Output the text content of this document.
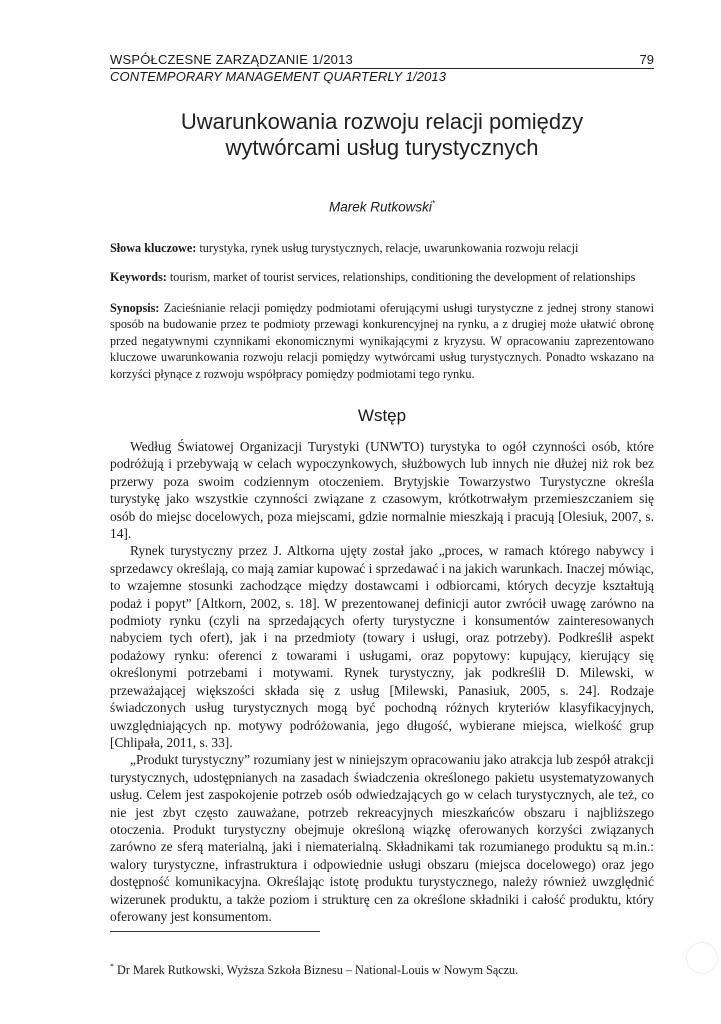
WSPÓŁCZESNE ZARZĄDZANIE 1/2013	79
CONTEMPORARY MANAGEMENT QUARTERLY 1/2013
Uwarunkowania rozwoju relacji pomiędzy
wytwórcami usług turystycznych
Marek Rutkowski*
Słowa kluczowe: turystyka, rynek usług turystycznych, relacje, uwarunkowania rozwoju relacji
Keywords: tourism, market of tourist services, relationships, conditioning the development of relationships
Synopsis: Zacieśnianie relacji pomiędzy podmiotami oferującymi usługi turystyczne z jednej strony stanowi sposób na budowanie przez te podmioty przewagi konkurencyjnej na rynku, a z drugiej może ułatwić obronę przed negatywnymi czynnikami ekonomicznymi wynikającymi z kryzysu. W opracowaniu zaprezentowano kluczowe uwarunkowania rozwoju relacji pomiędzy wytwórcami usług turystycznych. Ponadto wskazano na korzyści płynące z rozwoju współpracy pomiędzy podmiotami tego rynku.
Wstęp

Według Światowej Organizacji Turystyki (UNWTO) turystyka to ogół czynności osób, które podróżują i przebywają w celach wypoczynkowych, służbowych lub innych nie dłużej niż rok bez przerwy poza swoim codziennym otoczeniem. Brytyjskie Towarzystwo Turystyczne określa turystykę jako wszystkie czynności związane z czasowym, krótkotrwałym przemieszczaniem się osób do miejsc docelowych, poza miejscami, gdzie normalnie mieszkają i pracują [Olesiuk, 2007, s. 14].

Rynek turystyczny przez J. Altkorna ujęty został jako „proces, w ramach którego nabywcy i sprzedawcy określają, co mają zamiar kupować i sprzedawać i na jakich warunkach. Inaczej mówiąc, to wzajemne stosunki zachodzące między dostawcami i odbiorcami, których decyzje kształtują podaż i popyt” [Altkorn, 2002, s. 18]. W prezentowanej definicji autor zwrócił uwagę zarówno na podmioty rynku (czyli na sprzedających oferty turystyczne i konsumentów zainteresowanych nabyciem tych ofert), jak i na przedmioty (towary i usługi, oraz potrzeby). Podkreślił aspekt podażowy rynku: oferenci z towarami i usługami, oraz popytowy: kupujący, kierujący się określonymi potrzebami i motywami. Rynek turystyczny, jak podkreślił D. Milewski, w przeważającej większości składa się z usług [Milewski, Panasiuk, 2005, s. 24]. Rodzaje świadczonych usług turystycznych mogą być pochodną różnych kryteriów klasyfikacyjnych, uwzględniających np. motywy podróżowania, jego długość, wybierane miejsca, wielkość grup [Chlipała, 2011, s. 33].

„Produkt turystyczny” rozumiany jest w niniejszym opracowaniu jako atrakcja lub zespół atrakcji turystycznych, udostępnianych na zasadach świadczenia określonego pakietu usystematyzowanych usług. Celem jest zaspokojenie potrzeb osób odwiedzających go w celach turystycznych, ale też, co nie jest zbyt często zauważane, potrzeb rekreacyjnych mieszkańców obszaru i najbliższego otoczenia. Produkt turystyczny obejmuje określoną wiązkę oferowanych korzyści związanych zarówno ze sferą materialną, jaki i niematerialną. Składnikami tak rozumianego produktu są m.in.: walory turystyczne, infrastruktura i odpowiednie usługi obszaru (miejsca docelowego) oraz jego dostępność komunikacyjna. Określając istotę produktu turystycznego, należy również uwzględnić wizerunek produktu, a także poziom i strukturę cen za określone składniki i całość produktu, który oferowany jest konsumentom.

* Dr Marek Rutkowski, Wyższa Szkoła Biznesu – National-Louis w Nowym Sączu.
